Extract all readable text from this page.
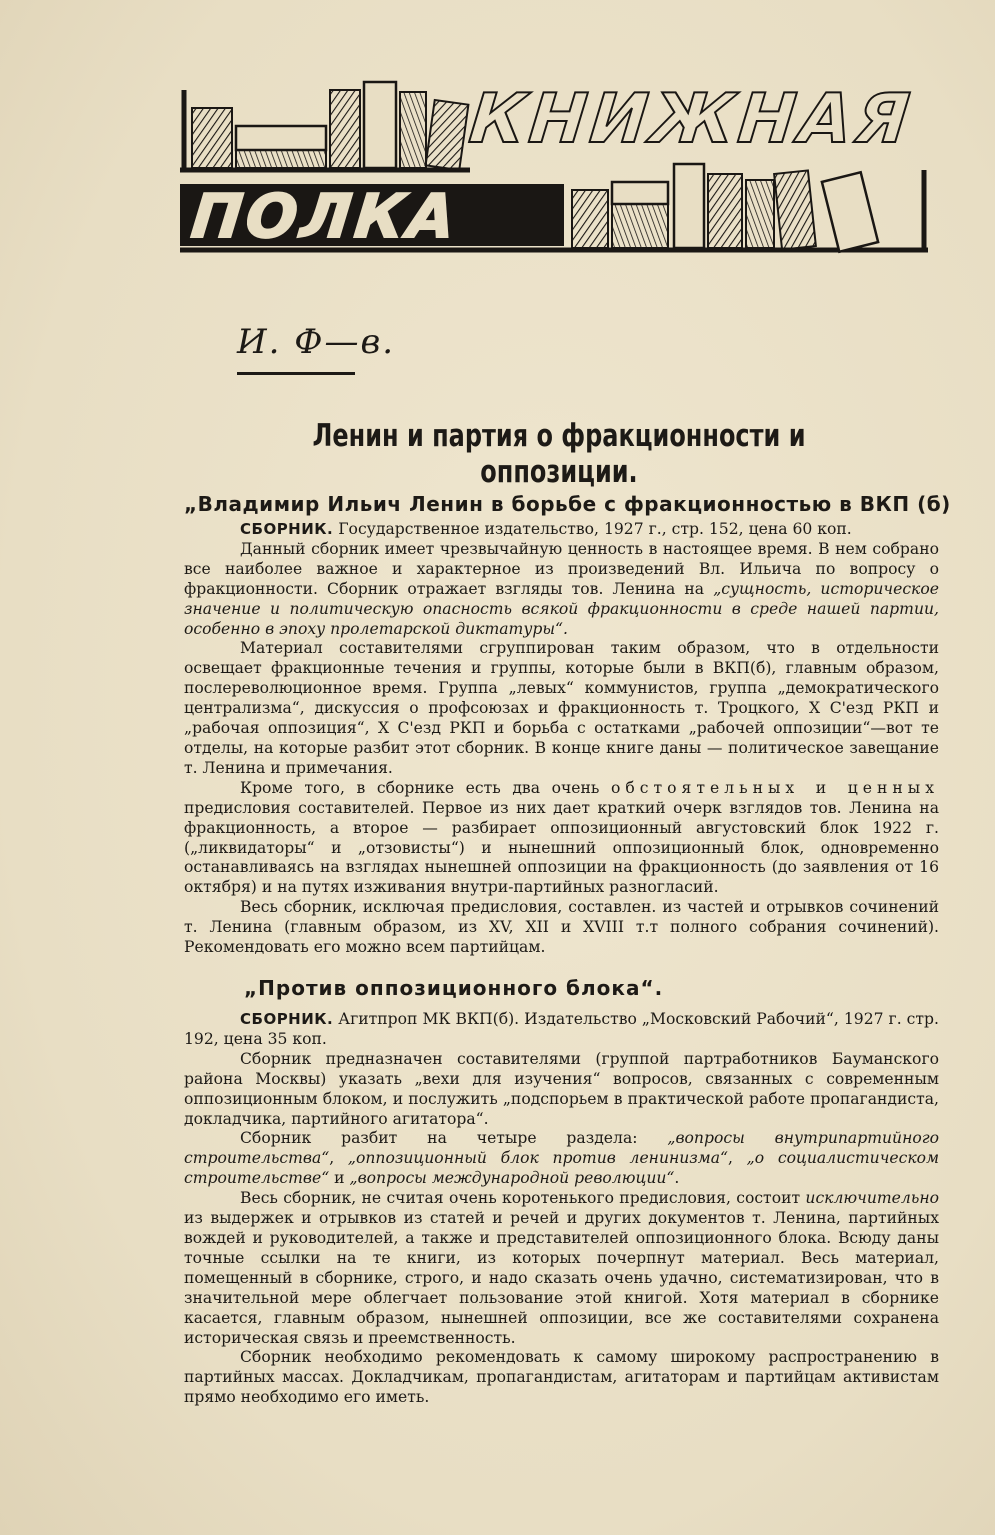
КНИЖНАЯ
ПОЛКА
И. Ф—в.
Ленин и партия о фракционности и оппозиции.
„Владимир Ильич Ленин в борьбе с фракционностью в ВКП (б)

СБОРНИК. Государственное издательство, 1927 г., стр. 152, цена 60 коп.

Данный сборник имеет чрезвычайную ценность в настоящее время. В нем собрано все наиболее важное и характерное из произведений Вл. Ильича по вопросу о фракционности. Сборник отражает взгляды тов. Ленина на „сущность, историческое значение и политическую опасность всякой фракционности в среде нашей партии, особенно в эпоху пролетарской диктатуры“.

Материал составителями сгруппирован таким образом, что в отдельности освещает фракционные течения и группы, которые были в ВКП(б), главным образом, послереволюционное время. Группа „левых“ коммунистов, группа „демократического централизма“, дискуссия о профсоюзах и фракционность т. Троцкого, X С'езд РКП и „рабочая оппозиция“, X С'езд РКП и борьба с остатками „рабочей оппозиции“—вот те отделы, на которые разбит этот сборник. В конце книге даны — политическое завещание т. Ленина и примечания.

Кроме того, в сборнике есть два очень обстоятельных и ценных предисловия составителей. Первое из них дает краткий очерк взглядов тов. Ленина на фракционность, а второе — разбирает оппозиционный августовский блок 1922 г. („ликвидаторы“ и „отзовисты“) и нынешний оппозиционный блок, одновременно останавливаясь на взглядах нынешней оппозиции на фракционность (до заявления от 16 октября) и на путях изживания внутри-партийных разногласий.

Весь сборник, исключая предисловия, составлен. из частей и отрывков сочинений т. Ленина (главным образом, из XV, XII и XVIII т.т полного собрания сочинений). Рекомендовать его можно всем партийцам.

„Против оппозиционного блока“.

СБОРНИК. Агитпроп МК ВКП(б). Издательство „Московский Рабочий“, 1927 г. стр. 192, цена 35 коп.

Сборник предназначен составителями (группой партработников Бауманского района Москвы) указать „вехи для изучения“ вопросов, связанных с современным оппозиционным блоком, и послужить „подспорьем в практической работе пропагандиста, докладчика, партийного агитатора“.

Сборник разбит на четыре раздела: „вопросы внутрипартийного строительства“, „оппозиционный блок против ленинизма“, „о социалистическом строительстве“ и „вопросы международной революции“.

Весь сборник, не считая очень коротенького предисловия, состоит исключительно из выдержек и отрывков из статей и речей и других документов т. Ленина, партийных вождей и руководителей, а также и представителей оппозиционного блока. Всюду даны точные ссылки на те книги, из которых почерпнут материал. Весь материал, помещенный в сборнике, строго, и надо сказать очень удачно, систематизирован, что в значительной мере облегчает пользование этой книгой. Хотя материал в сборнике касается, главным образом, нынешней оппозиции, все же составителями сохранена историческая связь и преемственность.

Сборник необходимо рекомендовать к самому широкому распространению в партийных массах. Докладчикам, пропагандистам, агитаторам и партийцам активистам прямо необходимо его иметь.
